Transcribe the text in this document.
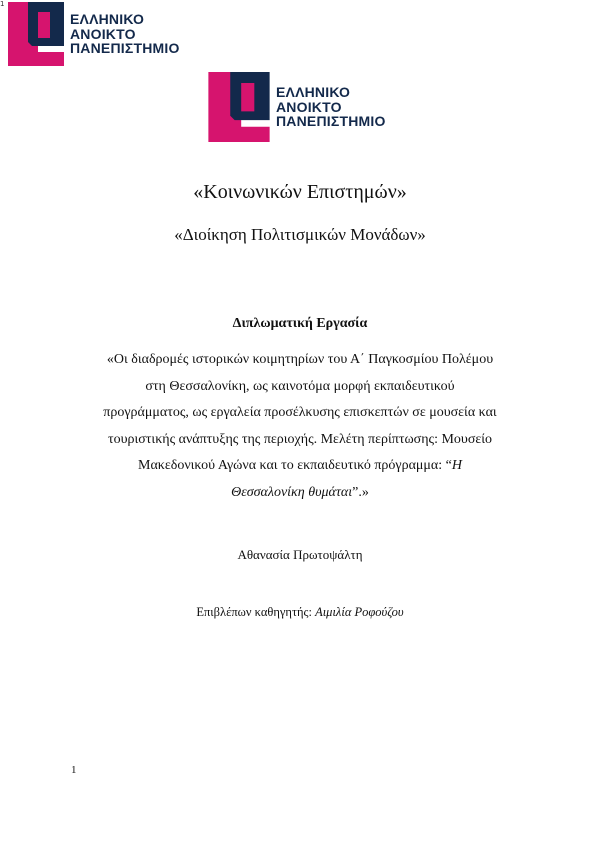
1
ΕΛΛΗΝΙΚΟ
ΑΝΟΙΚΤΟ
ΠΑΝΕΠΙΣΤΗΜΙΟ
ΕΛΛΗΝΙΚΟ
ΑΝΟΙΚΤΟ
ΠΑΝΕΠΙΣΤΗΜΙΟ
«Κοινωνικών Επιστημών»
«Διοίκηση Πολιτισμικών Μονάδων»
Διπλωματική Εργασία
«Οι διαδρομές ιστορικών κοιμητηρίων του Α΄ Παγκοσμίου Πολέμου
στη Θεσσαλονίκη, ως καινοτόμα μορφή εκπαιδευτικού
προγράμματος, ως εργαλεία προσέλκυσης επισκεπτών σε μουσεία και
τουριστικής ανάπτυξης της περιοχής. Μελέτη περίπτωσης: Μουσείο
Μακεδονικού Αγώνα και το εκπαιδευτικό πρόγραμμα: “Η
Θεσσαλονίκη θυμάται”.»
Αθανασία Πρωτοψάλτη
Επιβλέπων καθηγητής: Αιμιλία Ροφούζου
1
